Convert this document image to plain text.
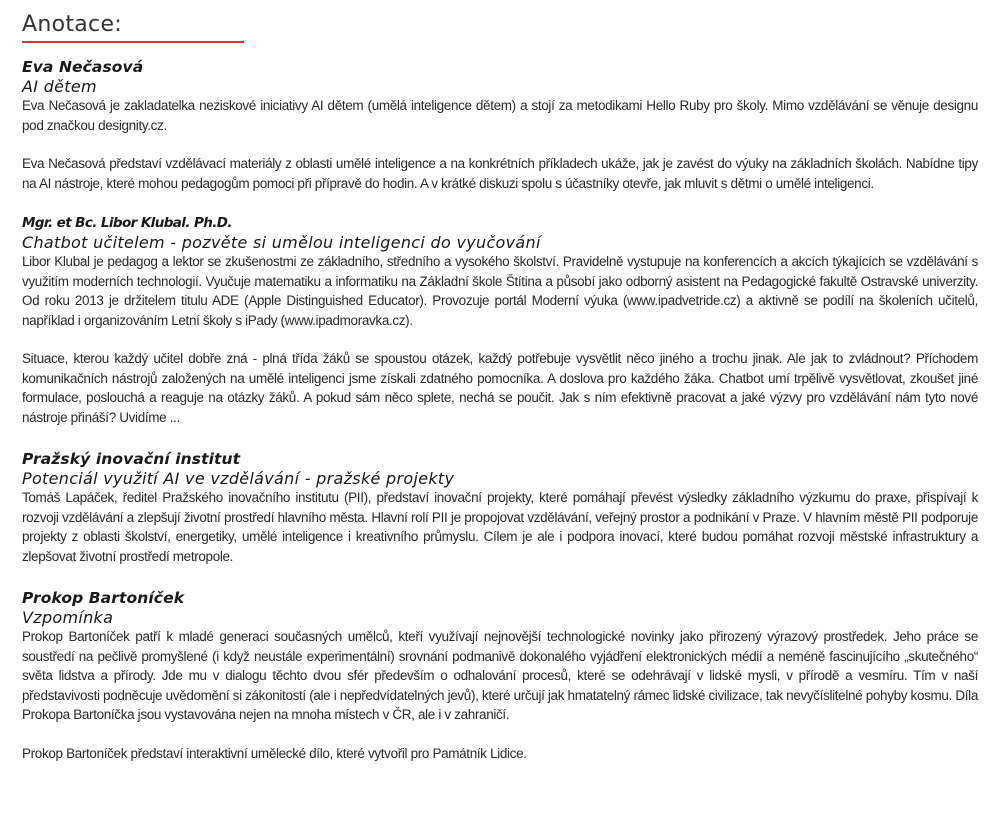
Anotace:

Eva Nečasová

AI dětem

Eva Nečasová je zakladatelka neziskové iniciativy AI dětem (umělá inteligence dětem) a stojí za metodikami Hello Ruby pro školy. Mimo vzdělávání se věnuje designu pod značkou designity.cz.

Eva Nečasová představí vzdělávací materiály z oblasti umělé inteligence a na konkrétních příkladech ukáže, jak je zavést do výuky na základních školách. Nabídne tipy na AI nástroje, které mohou pedagogům pomoci při přípravě do hodin. A v krátké diskuzi spolu s účastníky otevře, jak mluvit s dětmi o umělé inteligenci.

Mgr. et Bc. Libor Klubal. Ph.D.

Chatbot učitelem - pozvěte si umělou inteligenci do vyučování

Libor Klubal je pedagog a lektor se zkušenostmi ze základního, středního a vysokého školství. Pravidelně vystupuje na konferencích a akcích týkajících se vzdělávání s využitím moderních technologií. Vyučuje matematiku a informatiku na Základní škole Štítina a působí jako odborný asistent na Pedagogické fakultě Ostravské univerzity. Od roku 2013 je držitelem titulu ADE (Apple Distinguished Educator). Provozuje portál Moderní výuka (www.ipadvetride.cz) a aktivně se podílí na školeních učitelů, například i organizováním Letní školy s iPady (www.ipadmoravka.cz).

Situace, kterou každý učitel dobře zná - plná třída žáků se spoustou otázek, každý potřebuje vysvětlit něco jiného a trochu jinak. Ale jak to zvládnout? Příchodem komunikačních nástrojů založených na umělé inteligenci jsme získali zdatného pomocníka. A doslova pro každého žáka. Chatbot umí trpělivě vysvětlovat, zkoušet jiné formulace, poslouchá a reaguje na otázky žáků. A pokud sám něco splete, nechá se poučit. Jak s ním efektivně pracovat a jaké výzvy pro vzdělávání nám tyto nové nástroje přináší? Uvidíme ...

Pražský inovační institut

Potenciál využití AI ve vzdělávání - pražské projekty

Tomáš Lapáček, ředitel Pražského inovačního institutu (PII), představí inovační projekty, které pomáhají převést výsledky základního výzkumu do praxe, přispívají k rozvoji vzdělávání a zlepšují životní prostředí hlavního města. Hlavní rolí PII je propojovat vzdělávání, veřejný prostor a podnikání v Praze. V hlavním městě PII podporuje projekty z oblasti školství, energetiky, umělé inteligence i kreativního průmyslu. Cílem je ale i podpora inovací, které budou pomáhat rozvoji městské infrastruktury a zlepšovat životní prostředí metropole.

Prokop Bartoníček

Vzpomínka

Prokop Bartoníček patří k mladé generaci současných umělců, kteří využívají nejnovější technologické novinky jako přirozený výrazový prostředek. Jeho práce se soustředí na pečlivě promyšlené (i když neustále experimentální) srovnání podmanivě dokonalého vyjádření elektronických médií a neméně fascinujícího „skutečného“ světa lidstva a přírody. Jde mu v dialogu těchto dvou sfér především o odhalování procesů, které se odehrávají v lidské mysli, v přírodě a vesmíru. Tím v naší představivosti podněcuje uvědomění si zákonitostí (ale i nepředvídatelných jevů), které určují jak hmatatelný rámec lidské civilizace, tak nevyčíslitelné pohyby kosmu. Díla Prokopa Bartoníčka jsou vystavována nejen na mnoha místech v ČR, ale i v zahraničí.

Prokop Bartoníček představí interaktivní umělecké dílo, které vytvořil pro Památník Lidice.
